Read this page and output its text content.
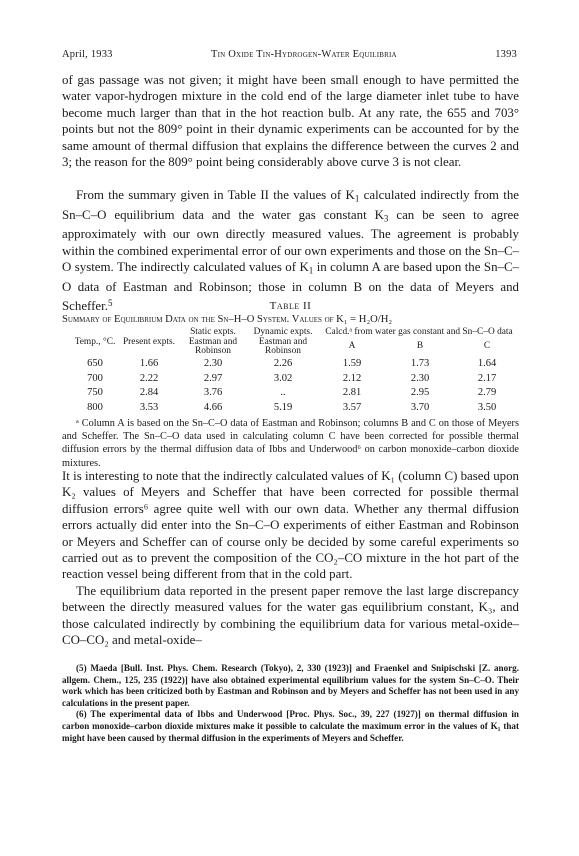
April, 1933	Tin Oxide Tin-Hydrogen-Water Equilibria	1393

of gas passage was not given; it might have been small enough to have permitted the water vapor-hydrogen mixture in the cold end of the large diameter inlet tube to have become much larger than that in the hot reaction bulb. At any rate, the 655 and 703° points but not the 809° point in their dynamic experiments can be accounted for by the same amount of thermal diffusion that explains the difference between the curves 2 and 3; the reason for the 809° point being considerably above curve 3 is not clear.

From the summary given in Table II the values of $K_1$ calculated indirectly from the Sn–C–O equilibrium data and the water gas constant $K_3$ can be seen to agree approximately with our own directly measured values. The agreement is probably within the combined experimental error of our own experiments and those on the Sn–C–O system. The indirectly calculated values of $K_1$ in column A are based upon the Sn–C–O data of Eastman and Robinson; those in column B on the data of Meyers and Scheffer.$^5$	Table II
Summary of Equilibrium Data on the Sn–H–O System. Values of K₁ = H₂O/H₂
Temp., °C.	Present expts.	Static expts. Eastman and Robinson	Dynamic expts. Eastman and Robinson	Calcd.ᵃ from water gas constant and Sn–C–O data		
				A	B	C
650	1.66	2.30	2.26	1.59	1.73	1.64
700	2.22	2.97	3.02	2.12	2.30	2.17
750	2.84	3.76	..	2.81	2.95	2.79
800	3.53	4.66	5.19	3.57	3.70	3.50

ᵃ Column A is based on the Sn–C–O data of Eastman and Robinson; columns B and C on those of Meyers and Scheffer. The Sn–C–O data used in calculating column C have been corrected for possible thermal diffusion errors by the thermal diffusion data of Ibbs and Underwood⁶ on carbon monoxide–carbon dioxide mixtures.

It is interesting to note that the indirectly calculated values of K₁ (column C) based upon K₂ values of Meyers and Scheffer that have been corrected for possible thermal diffusion errors⁶ agree quite well with our own data. Whether any thermal diffusion errors actually did enter into the Sn–C–O experiments of either Eastman and Robinson or Meyers and Scheffer can of course only be decided by some careful experiments so carried out as to prevent the composition of the CO₂–CO mixture in the hot part of the reaction vessel being different from that in the cold part.

The equilibrium data reported in the present paper remove the last large discrepancy between the directly measured values for the water gas equilibrium constant, K₃, and those calculated indirectly by combining the equilibrium data for various metal-oxide–CO–CO₂ and metal-oxide–

(5) Maeda [Bull. Inst. Phys. Chem. Research (Tokyo), 2, 330 (1923)] and Fraenkel and Snipischski [Z. anorg. allgem. Chem., 125, 235 (1922)] have also obtained experimental equilibrium values for the system Sn–C–O. Their work which has been criticized both by Eastman and Robinson and by Meyers and Scheffer has not been used in any calculations in the present paper.

(6) The experimental data of Ibbs and Underwood [Proc. Phys. Soc., 39, 227 (1927)] on thermal diffusion in carbon monoxide–carbon dioxide mixtures make it possible to calculate the maximum error in the values of K₁ that might have been caused by thermal diffusion in the experiments of Meyers and Scheffer.
